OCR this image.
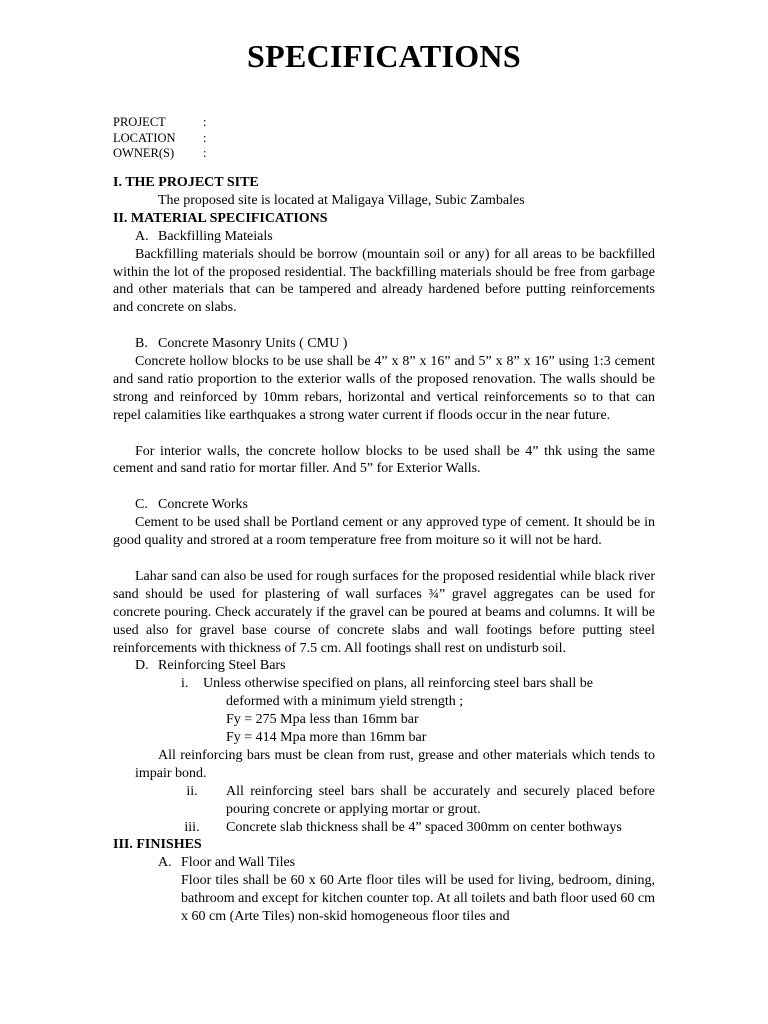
SPECIFICATIONS
PROJECT	:
LOCATION	:
OWNER(S)	:
I. THE PROJECT SITE
The proposed site is located at Maligaya Village, Subic Zambales
II. MATERIAL SPECIFICATIONS
A. Backfilling Mateials

Backfilling materials should be borrow (mountain soil or any) for all areas to be backfilled within the lot of the proposed residential. The backfilling materials should be free from garbage and other materials that can be tampered and already hardened before putting reinforcements and concrete on slabs.

B. Concrete Masonry Units ( CMU )

Concrete hollow blocks to be use shall be 4” x 8” x 16” and 5” x 8” x 16” using 1:3 cement and sand ratio proportion to the exterior walls of the proposed renovation. The walls should be strong and reinforced by 10mm rebars, horizontal and vertical reinforcements so to that can repel calamities like earthquakes a strong water current if floods occur in the near future.

For interior walls, the concrete hollow blocks to be used shall be 4” thk using the same cement and sand ratio for mortar filler. And 5” for Exterior Walls.

C. Concrete Works

Cement to be used shall be Portland cement or any approved type of cement. It should be in good quality and strored at a room temperature free from moiture so it will not be hard.

Lahar sand can also be used for rough surfaces for the proposed residential while black river sand should be used for plastering of wall surfaces ¾” gravel aggregates can be used for concrete pouring. Check accurately if the gravel can be poured at beams and columns. It will be used also for gravel base course of concrete slabs and wall footings before putting steel reinforcements with thickness of 7.5 cm. All footings shall rest on undisturb soil.

D. Reinforcing Steel Bars
i.	Unless otherwise specified on plans, all reinforcing steel bars shall be
deformed with a minimum yield strength ;
Fy = 275 Mpa less than 16mm bar
Fy = 414 Mpa more than 16mm bar

All reinforcing bars must be clean from rust, grease and other materials which tends to impair bond.

ii.	All reinforcing steel bars shall be accurately and securely placed before pouring concrete or applying mortar or grout.
iii.	Concrete slab thickness shall be 4” spaced 300mm on center bothways
III. FINISHES
A. Floor and Wall Tiles

Floor tiles shall be 60 x 60 Arte floor tiles will be used for living, bedroom, dining, bathroom and except for kitchen counter top. At all toilets and bath floor used 60 cm x 60 cm (Arte Tiles) non-skid homogeneous floor tiles and
